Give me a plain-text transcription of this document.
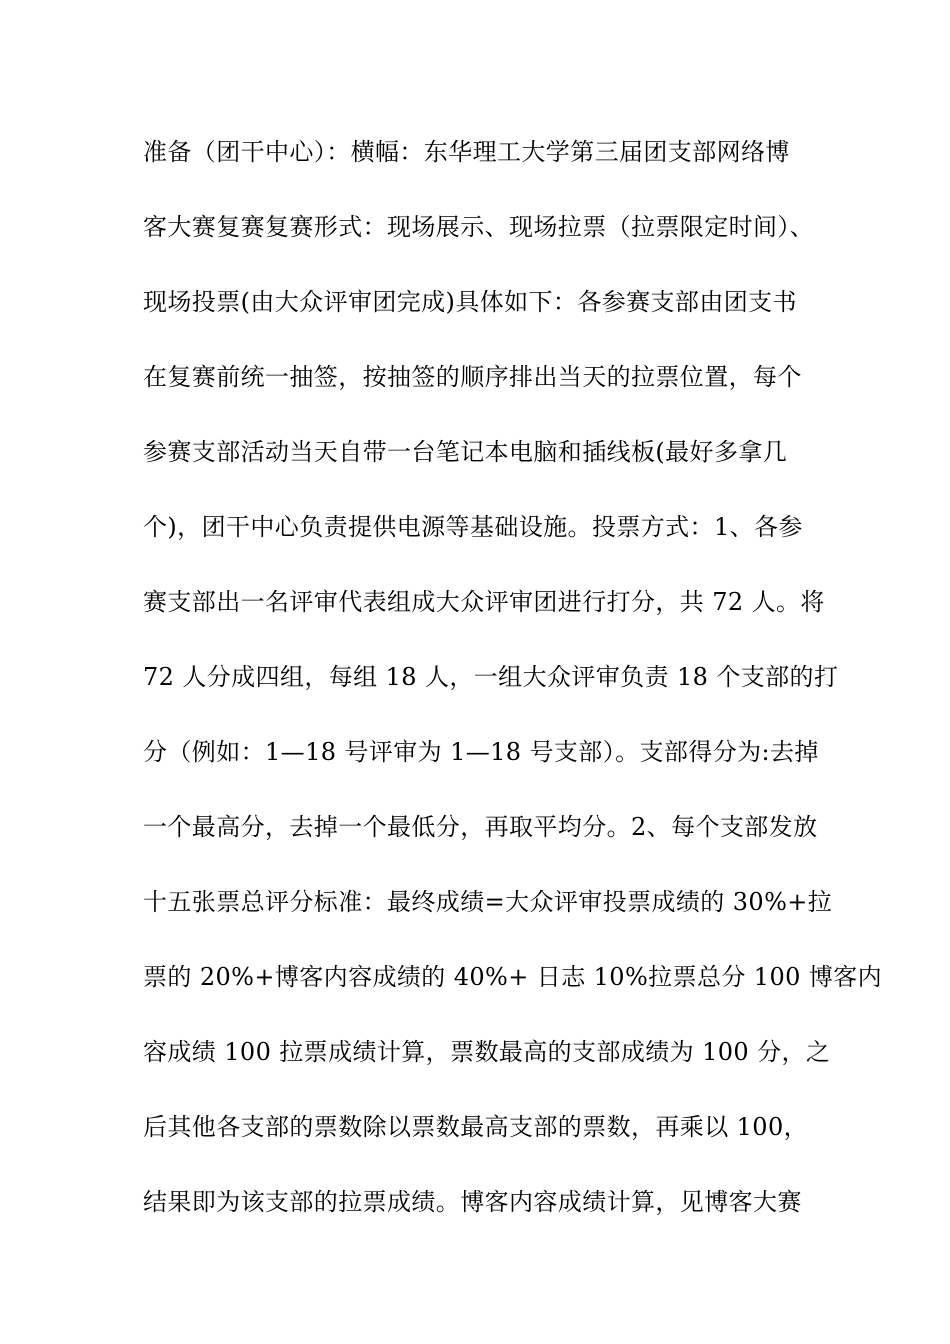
准备（团干中心）：横幅：东华理工大学第三届团支部网络博
客大赛复赛复赛形式：现场展示、现场拉票（拉票限定时间）、
现场投票(由大众评审团完成)具体如下：各参赛支部由团支书
在复赛前统一抽签，按抽签的顺序排出当天的拉票位置，每个
参赛支部活动当天自带一台笔记本电脑和插线板(最好多拿几
个)，团干中心负责提供电源等基础设施。投票方式：1、各参
赛支部出一名评审代表组成大众评审团进行打分，共 72 人。将
72 人分成四组，每组 18 人，一组大众评审负责 18 个支部的打
分（例如：1—18 号评审为 1—18 号支部）。支部得分为:去掉
一个最高分，去掉一个最低分，再取平均分。2、每个支部发放
十五张票总评分标准：最终成绩=大众评审投票成绩的 30%+拉
票的 20%+博客内容成绩的 40%+ 日志 10%拉票总分 100 博客内
容成绩 100 拉票成绩计算，票数最高的支部成绩为 100 分，之
后其他各支部的票数除以票数最高支部的票数，再乘以 100，
结果即为该支部的拉票成绩。博客内容成绩计算，见博客大赛
